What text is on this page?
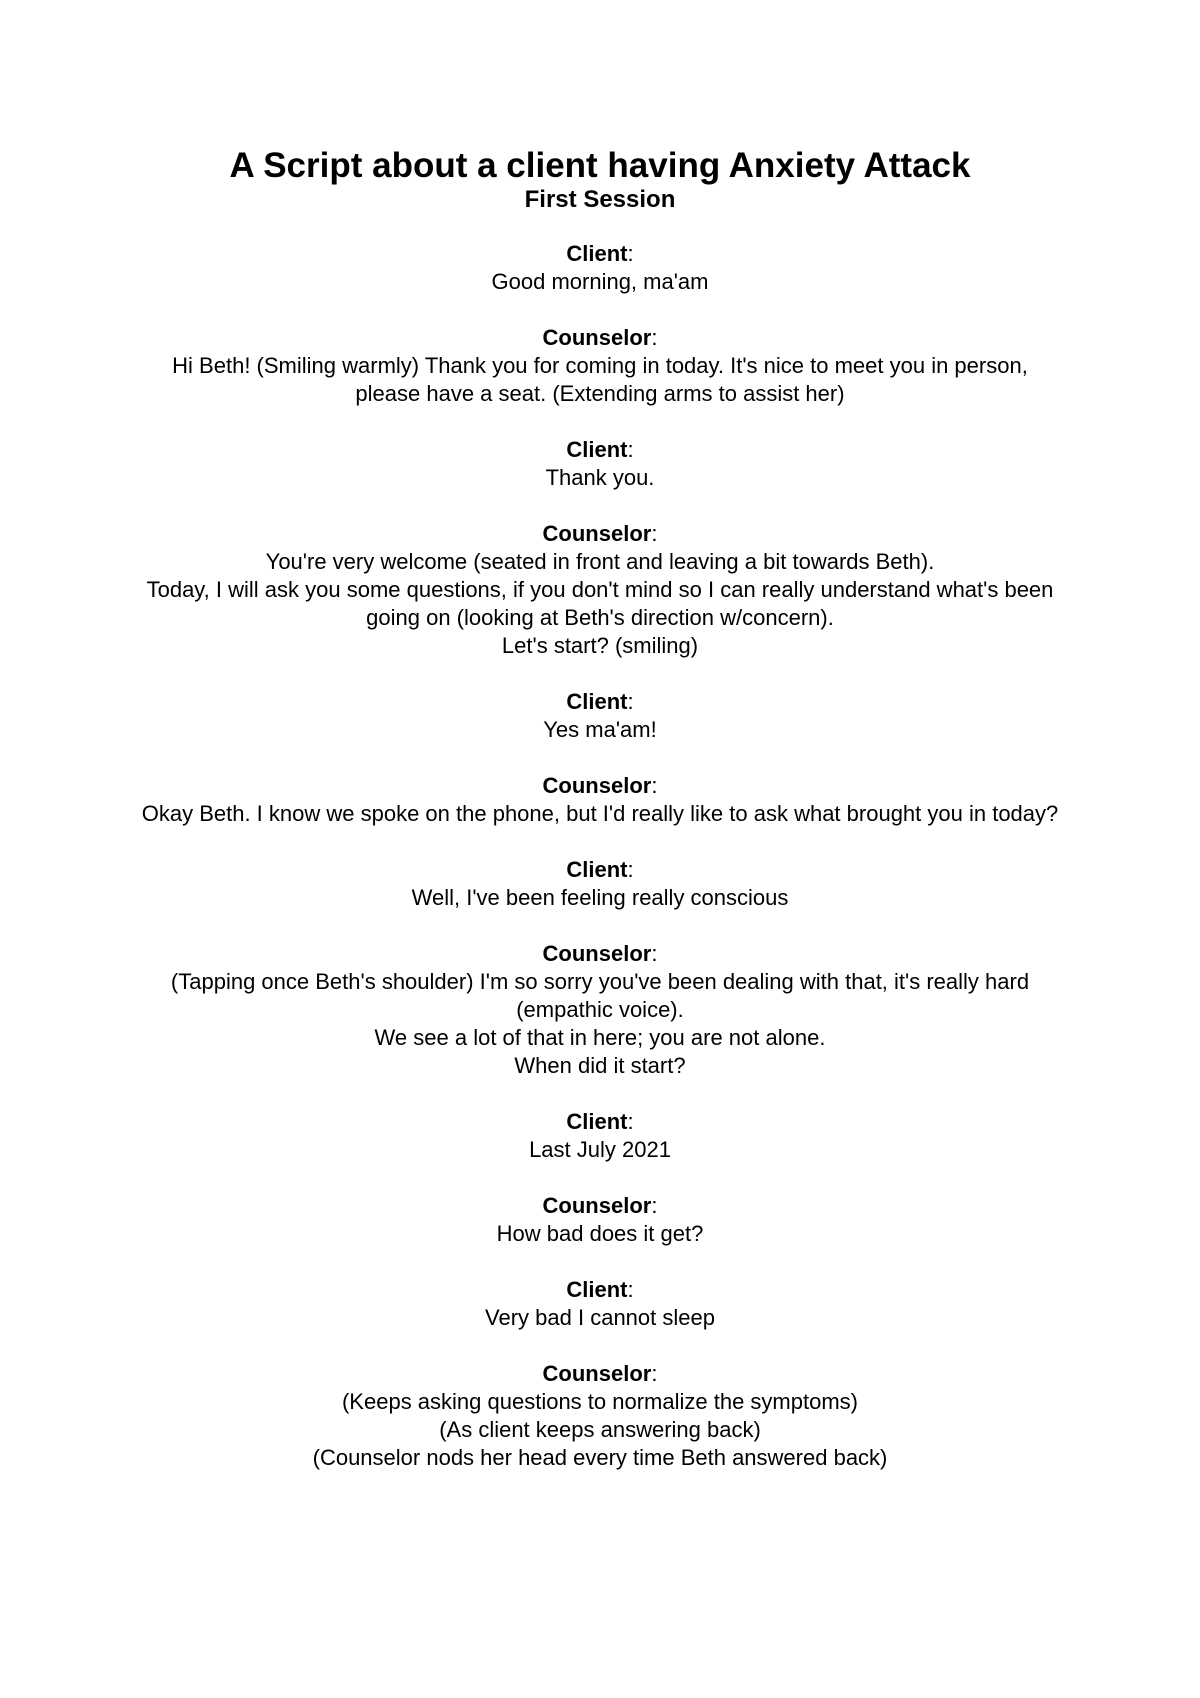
A Script about a client having Anxiety Attack
First Session

Client:

Good morning, ma'am

Counselor:

Hi Beth! (Smiling warmly) Thank you for coming in today. It's nice to meet you in person, please have a seat. (Extending arms to assist her)

Client:

Thank you.

Counselor:

You're very welcome (seated in front and leaving a bit towards Beth).

Today, I will ask you some questions, if you don't mind so I can really understand what's been going on (looking at Beth's direction w/concern).

Let's start? (smiling)

Client:

Yes ma'am!

Counselor:

Okay Beth. I know we spoke on the phone, but I'd really like to ask what brought you in today?

Client:

Well, I've been feeling really conscious

Counselor:

(Tapping once Beth's shoulder) I'm so sorry you've been dealing with that, it's really hard (empathic voice).

We see a lot of that in here; you are not alone.

When did it start?

Client:

Last July 2021

Counselor:

How bad does it get?

Client:

Very bad I cannot sleep

Counselor:

(Keeps asking questions to normalize the symptoms)

(As client keeps answering back)

(Counselor nods her head every time Beth answered back)
